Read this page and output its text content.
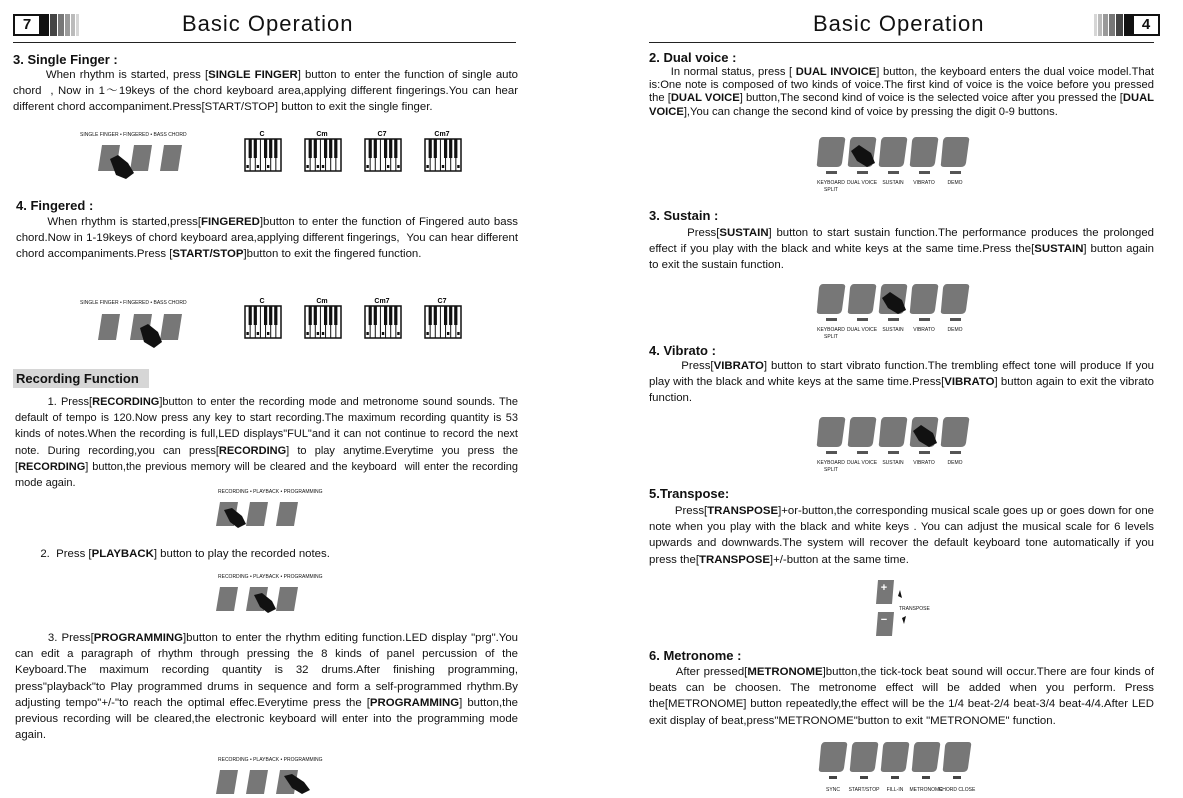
7	Basic Operation
3. Single Finger :
When rhythm is started, press [SINGLE FINGER] button to enter the function of single auto chord  , Now in 1～19keys of the chord keyboard area,applying different fingerings.You can hear different chord accompaniment.Press[START/STOP] button to exit the single finger.
SINGLE FINGER • FINGERED • BASS CHORD	C	Cm	C7	Cm7
4. Fingered :
When rhythm is started,press[FINGERED]button to enter the function of Fingered auto bass chord.Now in 1-19keys of chord keyboard area,applying different fingerings,  You can hear different chord accompaniments.Press [START/STOP]button to exit the fingered function.
SINGLE FINGER • FINGERED • BASS CHORD	C	Cm	Cm7	C7
Recording Function
1. Press[RECORDING]button to enter the recording mode and metronome sound sounds. The default of tempo is 120.Now press any key to start recording.The maximum recording quantity is 53 kinds of notes.When the recording is full,LED displays"FUL"and it can not continue to record the next note. During recording,you can press[RECORDING] to play anytime.Everytime you press the [RECORDING] button,the previous memory will be cleared and the keyboard  will enter the recording mode again.
RECORDING • PLAYBACK • PROGRAMMING
2.  Press [PLAYBACK] button to play the recorded notes.
RECORDING • PLAYBACK • PROGRAMMING
3. Press[PROGRAMMING]button to enter the rhythm editing function.LED display "prg".You can edit a paragraph of rhythm through pressing the 8 kinds of panel percussion of the Keyboard.The maximum recording quantity is 32 drums.After finishing programming, press"playback"to Play programmed drums in sequence and form a self-programmed rhythm.By adjusting tempo"+/-"to reach the optimal effec.Everytime press the [PROGRAMMING] button,the previous recording will be cleared,the electronic keyboard will enter into the programming mode again.
RECORDING • PLAYBACK • PROGRAMMING
Basic Operation	4
2. Dual voice :
In normal status, press [ DUAL INVOICE] button, the keyboard enters the dual voice model.That is:One note is composed of two kinds of voice.The first kind of voice is the voice before you pressed the [DUAL VOICE] button,The second kind of voice is the selected voice after you pressed the [DUAL VOICE],You can change the second kind of voice by pressing the digit 0-9 buttons.
KEYBOARD DUAL VOICE SUSTAIN VIBRATO	DEMO
SPLIT
3. Sustain :
Press[SUSTAIN] button to start sustain function.The performance produces the prolonged effect if you play with the black and white keys at the same time.Press the[SUSTAIN] button again to exit the sustain function.
KEYBOARD DUAL VOICE SUSTAIN VIBRATO	DEMO
SPLIT
4. Vibrato :
Press[VIBRATO] button to start vibrato function.The trembling effect tone will produce If you play with the black and white keys at the same time.Press[VIBRATO] button again to exit the vibrato function.
KEYBOARD DUAL VOICE SUSTAIN VIBRATO	DEMO
SPLIT
5.Transpose:
Press[TRANSPOSE]+or-button,the corresponding musical scale goes up or goes down for one note when you play with the black and white keys . You can adjust the musical scale for 6 levels upwards and downwards.The system will recover the default keyboard tone automatically if you press the[TRANSPOSE]+/-button at the same time.
+
−
TRANSPOSE
6. Metronome :
After pressed[METRONOME]button,the tick-tock beat sound will occur.There are four kinds of beats can be choosen. The metronome effect will be added when you perform. Press the[METRONOME] button repeatedly,the effect will be the 1/4 beat-2/4 beat-3/4 beat-4/4.After LED exit display of beat,press"METRONOME"button to exit "METRONOME" function.
SYNC START/STOP FILL-IN METRONOME
CHORD CLOSE
